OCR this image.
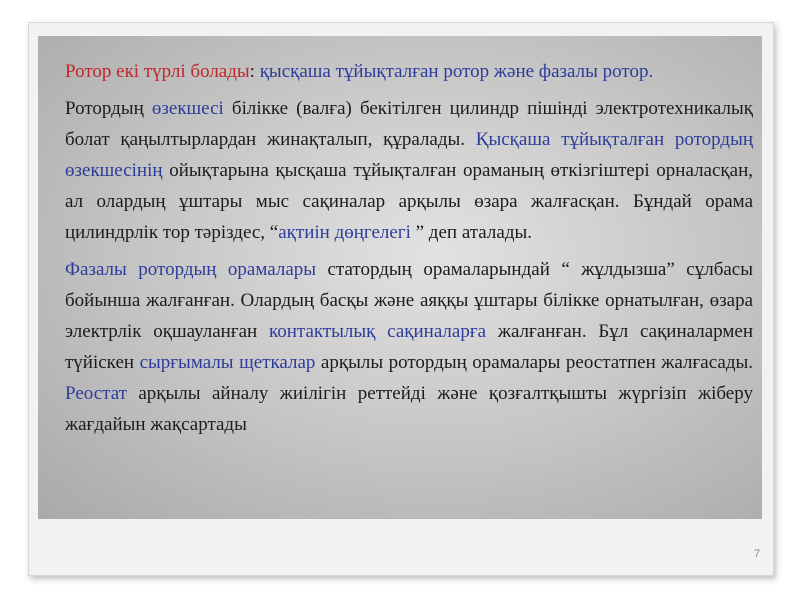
Ротор екі түрлі болады: қысқаша тұйықталған ротор және фазалы ротор.

Ротордың өзекшесі білікке (валға) бекітілген цилиндр пішінді электротехникалық болат қаңылтырлардан жинақталып, құралады. Қысқаша тұйықталған ротордың өзекшесінің ойықтарына қысқаша тұйықталған ораманың өткізгіштері орналасқан, ал олардың ұштары мыс сақиналар арқылы өзара жалғасқан. Бұндай орама цилиндрлік тор тәріздес, “ақтиін дөңгелегі ” деп аталады.

Фазалы ротордың орамалары статордың орамаларындай “ жұлдызша” сұлбасы бойынша жалғанған. Олардың басқы және аяққы ұштары білікке орнатылған, өзара электрлік оқшауланған контактылық сақиналарға жалғанған. Бұл сақиналармен түйіскен сырғымалы щеткалар арқылы ротордың орамалары реостатпен жалғасады. Реостат арқылы айналу жиілігін реттейді және қозғалтқышты жүргізіп жіберу жағдайын жақсартады

7
